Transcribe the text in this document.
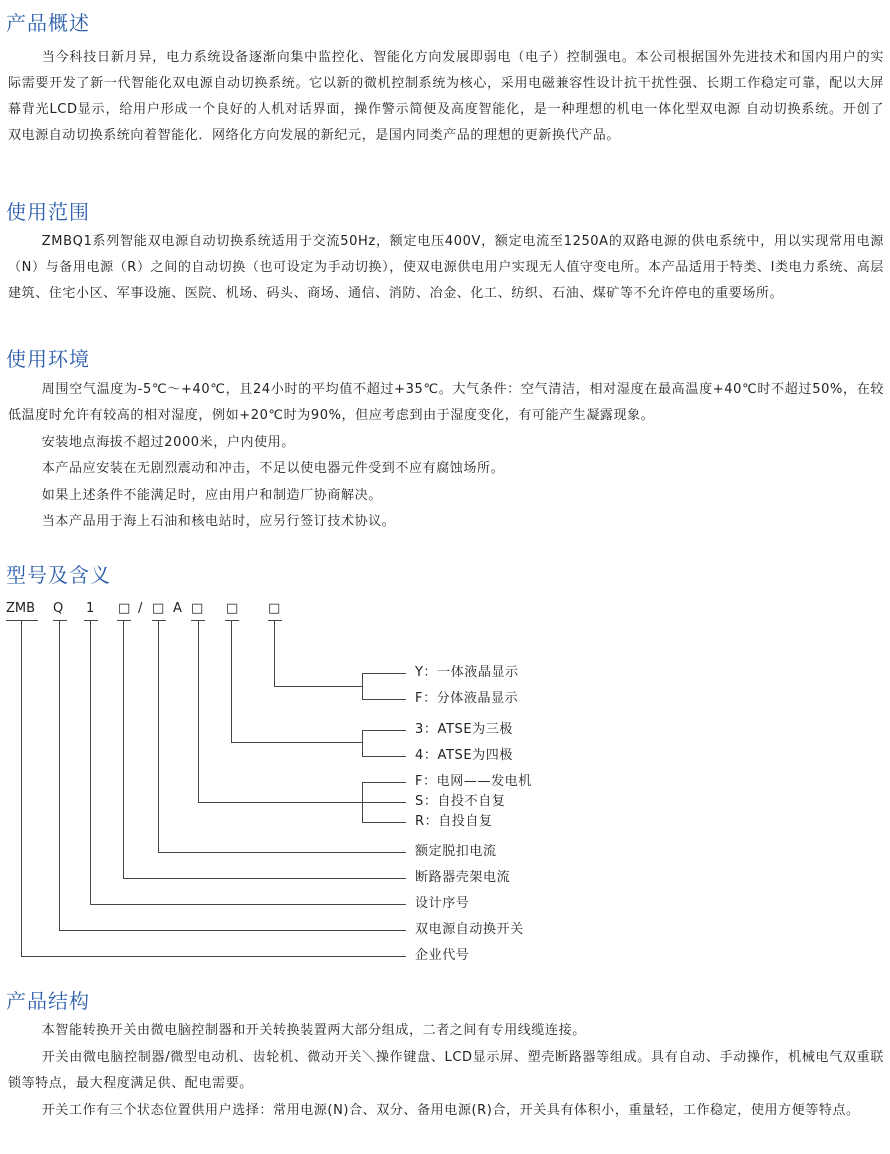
产品概述

当今科技日新月异，电力系统设备逐渐向集中监控化、智能化方向发展即弱电（电子）控制强电。本公司根据国外先进技术和国内用户的实际需要开发了新一代智能化双电源自动切换系统。它以新的微机控制系统为核心，采用电磁兼容性设计抗干扰性强、长期工作稳定可靠，配以大屏幕背光LCD显示，给用户形成一个良好的人机对话界面，操作警示简便及高度智能化，是一种理想的机电一体化型双电源 自动切换系统。开创了双电源自动切换系统向着智能化．网络化方向发展的新纪元，是国内同类产品的理想的更新换代产品。

使用范围

ZMBQ1系列智能双电源自动切换系统适用于交流50Hz，额定电压400V，额定电流至1250A的双路电源的供电系统中，用以实现常用电源（N）与备用电源（R）之间的自动切换（也可设定为手动切换），使双电源供电用户实现无人值守变电所。本产品适用于特类、I类电力系统、高层建筑、住宅小区、军事设施、医院、机场、码头、商场、通信、消防、冶金、化工、纺织、石油、煤矿等不允许停电的重要场所。

使用环境

周围空气温度为-5℃～+40℃，且24小时的平均值不超过+35℃。大气条件：空气清洁，相对湿度在最高温度+40℃时不超过50%，在较低温度时允许有较高的相对湿度，例如+20℃时为90%，但应考虑到由于湿度变化，有可能产生凝露现象。

安装地点海拔不超过2000米，户内使用。

本产品应安装在无剧烈震动和冲击，不足以使电器元件受到不应有腐蚀场所。

如果上述条件不能满足时，应由用户和制造厂协商解决。

当本产品用于海上石油和核电站时，应另行签订技术协议。

型号及含义
ZMB Q 1 □ / □ A □ □ □
Y：一体液晶显示
F：分体液晶显示
3：ATSE为三极
4：ATSE为四极
F：电网——发电机
S：自投不自复
R：自投自复
额定脱扣电流
断路器壳架电流
设计序号
双电源自动换开关
企业代号
产品结构

本智能转换开关由微电脑控制器和开关转换装置两大部分组成，二者之间有专用线缆连接。

开关由微电脑控制器/微型电动机、齿轮机、微动开关＼操作键盘、LCD显示屏、塑壳断路器等组成。具有自动、手动操作，机械电气双重联锁等特点，最大程度满足供、配电需要。

开关工作有三个状态位置供用户选择：常用电源(N)合、双分、备用电源(R)合，开关具有体积小，重量轻，工作稳定，使用方便等特点。
